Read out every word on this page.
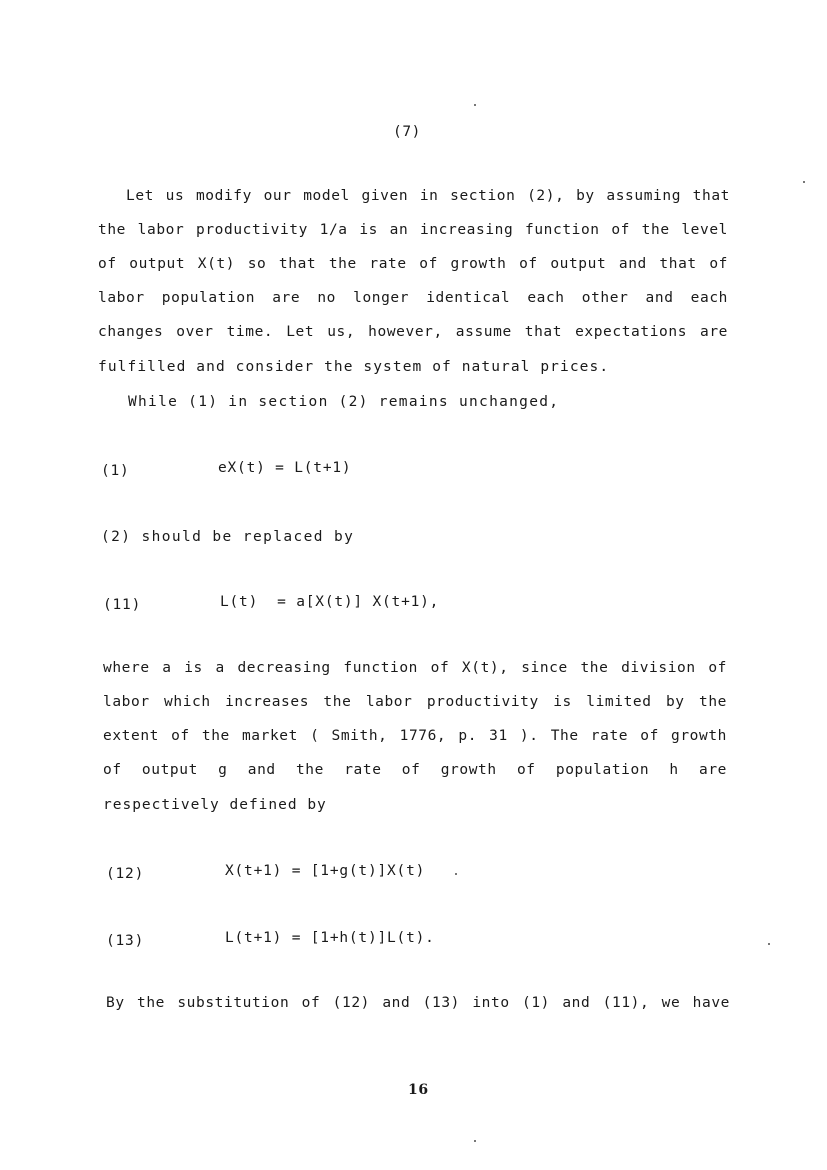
(7)
Let us modify our model given in section (2), by assuming that
the labor productivity 1/a is an increasing function of the level
of output X(t) so that the rate of growth of output and that of
labor population are no longer identical each other and each
changes over time. Let us, however, assume that expectations are
fulfilled and consider the system of natural prices.
While (1) in section (2) remains unchanged,
(1)	eX(t) = L(t+1)
(2) should be replaced by
(11)	L(t)  = a[X(t)] X(t+1),
where a is a decreasing function of X(t), since the division of
labor which increases the labor productivity is limited by the
extent of the market ( Smith, 1776, p. 31 ). The rate of growth
of output g and the rate of growth of population h are
respectively defined by
(12)	X(t+1) = [1+g(t)]X(t)
(13)	L(t+1) = [1+h(t)]L(t).
By the substitution of (12) and (13) into (1) and (11), we have
16
